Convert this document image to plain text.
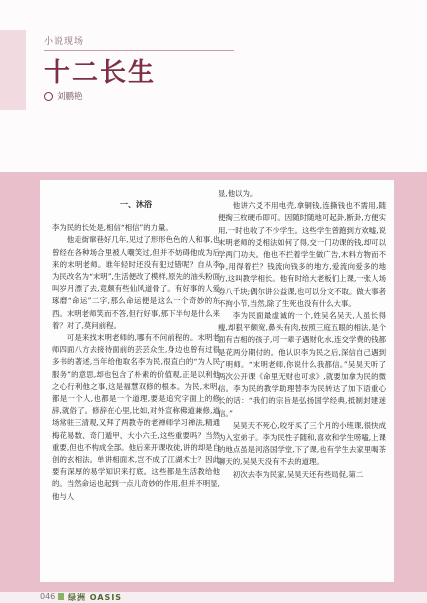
小说现场
十二长生
刘鹏艳
一、沐浴

李为民的长处是,相信“相信”的力量。

他走街窜巷好几年,见过了形形色色的人和事,也曾经在各种场合里被人嘲笑过,但并不妨碍他成为后来的末明老师。谁年轻时还没有犯过错呢？自从李为民改名为“末明”,生活便改了模样,原先的油头粉面叫岁月漂了去,竟颇有些仙风道骨了。有好事的人爱琢磨“命运”二字,那么命运便是这么一个奇妙的东西。末明老师笑而不答,但行好事,那下半句是什么来着？对了,莫问前程。

可是来找末明老师的,哪有不问前程的。末明老师四面八方去接待面前的芸芸众生,身边也曾有过很多书的著述,当年给他取名李为民,很直白的“为人民服务”的意思,却也包含了朴素的价值观,正是以利他之心行利他之事,这是福慧双修的根本。为民,末明,都是一个人,也都是一个道理,要是追究字面上的修辞,就俗了。修辞在心里,比如,对外宣称佛道兼修,道场常驻三清观,又拜了两教寺的老禅师学习禅法,精通梅花易数、奇门遁甲、大小六壬,这些重要吗？当然重要,但也不构成全部。他后来开课收徒,讲的却是自创的玄相法。单讲相面术,岂不成了江湖术士？因此要有深厚的易学知识来打底。这些都是生活教给他的。当然命运也起到一点儿奇妙的作用,但并不明显,他与人

显,他以为。

他讲六爻不用电壳,拿铜钱,连撕钱也不需用,随便掏三枚硬币即可。因随时随地可起卦,断卦,方便实用,一时也收了不少学生。这些学生曾跑到方欢嘘,说末明老师的爻相法如何了得,交一门功课的钱,却可以学两门功夫。他也不拦着学生做广告,木料方物而不争,用得着拦？钱流向钱多的地方,爱流向爱多的地方,这叫教学相长。他有时给大老板们上课,一张人场券八千块;偶尔讲公益课,也可以分文不取。做大事者不拘小节,当然,除了生死也没有什么大事。

李为民面最虚诚的一个,姓吴名吴天,人虽长得瘦,却狠平颇宽,鼻头有肉,按照三庭五眼的相法,是个面有吉相的孩子,可一辈子遇财化水,连交学费的钱都是花两分期付的。他认识李为民之后,深信自己遇到了明师。“末明老师,你说什么我都信。”吴昊天听了两次公开课《命里无财也可求》,就要加拿为民的微信。李为民的教学助理替李为民转达了加下语重心长的话：“我们的宗旨是弘扬国学经典,抵制封建迷信。”

吴昊天不死心,咬牙买了三个月的小班课,很快成为入室弟子。李为民性子随和,喜欢和学生唠嗑,上课的地点虽是河洛国学堂,下了课,也有学生去家里喝茶聊天的,吴昊天没有不去的道理。

初次去李为民家,吴昊天还有些局促,第二

046 绿洲 OASIS
